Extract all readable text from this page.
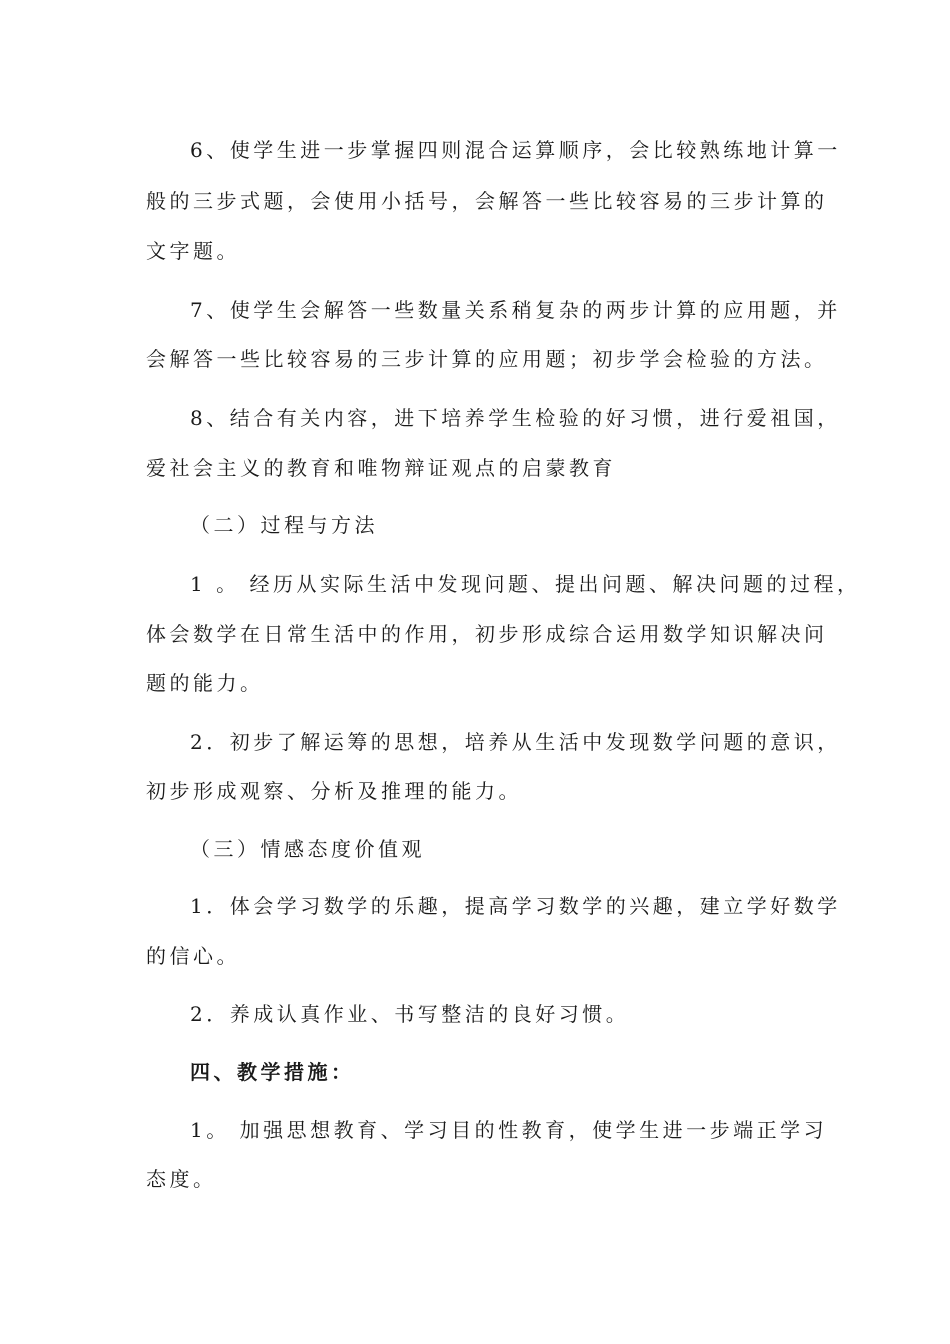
6、使学生进一步掌握四则混合运算顺序，会比较熟练地计算一
般的三步式题，会使用小括号，会解答一些比较容易的三步计算的
文字题。
7、使学生会解答一些数量关系稍复杂的两步计算的应用题，并
会解答一些比较容易的三步计算的应用题；初步学会检验的方法。
8、结合有关内容，进下培养学生检验的好习惯，进行爱祖国，
爱社会主义的教育和唯物辩证观点的启蒙教育
（二）过程与方法
1 。 经历从实际生活中发现问题、提出问题、解决问题的过程，
体会数学在日常生活中的作用，初步形成综合运用数学知识解决问
题的能力。
2．初步了解运筹的思想，培养从生活中发现数学问题的意识，
初步形成观察、分析及推理的能力。
（三）情感态度价值观
1．体会学习数学的乐趣，提高学习数学的兴趣，建立学好数学
的信心。
2．养成认真作业、书写整洁的良好习惯。
四、教学措施：
1。 加强思想教育、学习目的性教育，使学生进一步端正学习
态度。
